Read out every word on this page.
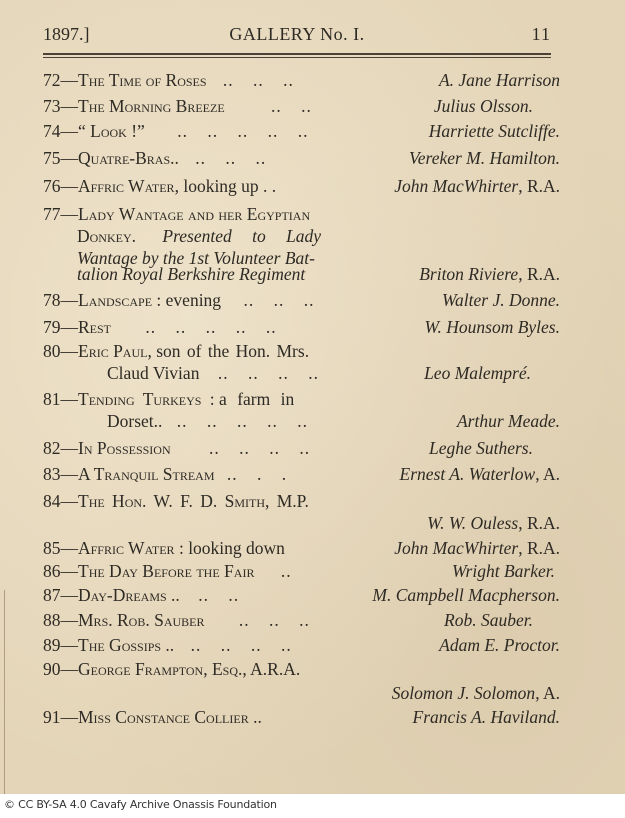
1897.]	GALLERY No. I.	11
72—The Time of Roses .. .. ..	A. Jane Harrison
73—The Morning Breeze	.. ..	Julius Olsson.
74—“ Look !” .. .. .. .. ..	Harriette Sutcliffe.
75—Quatre-Bras.. .. .. ..	Vereker M. Hamilton.
76—Affric Water, looking up . .	John MacWhirter, R.A.
77—Lady Wantage and her Egyptian
Donkey. Presented to Lady
Wantage by the 1st Volunteer Bat-
talion Royal Berkshire Regiment	Briton Riviere, R.A.
78—Landscape : evening .. .. ..	Walter J. Donne.
79—Rest .. .. .. .. ..	W. Hounsom Byles.
80—Eric Paul, son of the Hon. Mrs.
Claud Vivian .. .. .. ..	Leo Malempré.
81—Tending Turkeys : a farm in
Dorset.. .. .. .. .. ..	Arthur Meade.
82—In Possession .. .. .. ..	Leghe Suthers.
83—A Tranquil Stream .. . .	Ernest A. Waterlow, A.
84—The Hon. W. F. D. Smith, M.P.
W. W. Ouless, R.A.
85—Affric Water : looking down	John MacWhirter, R.A.
86—The Day Before the Fair ..	Wright Barker.
87—Day-Dreams .. .. ..	M. Campbell Macpherson.
88—Mrs. Rob. Sauber .. .. ..	Rob. Sauber.
89—The Gossips .. .. .. .. ..	Adam E. Proctor.
90—George Frampton, Esq., A.R.A.
Solomon J. Solomon, A.
91—Miss Constance Collier ..	Francis A. Haviland.
© CC BY-SA 4.0 Cavafy Archive Onassis Foundation
